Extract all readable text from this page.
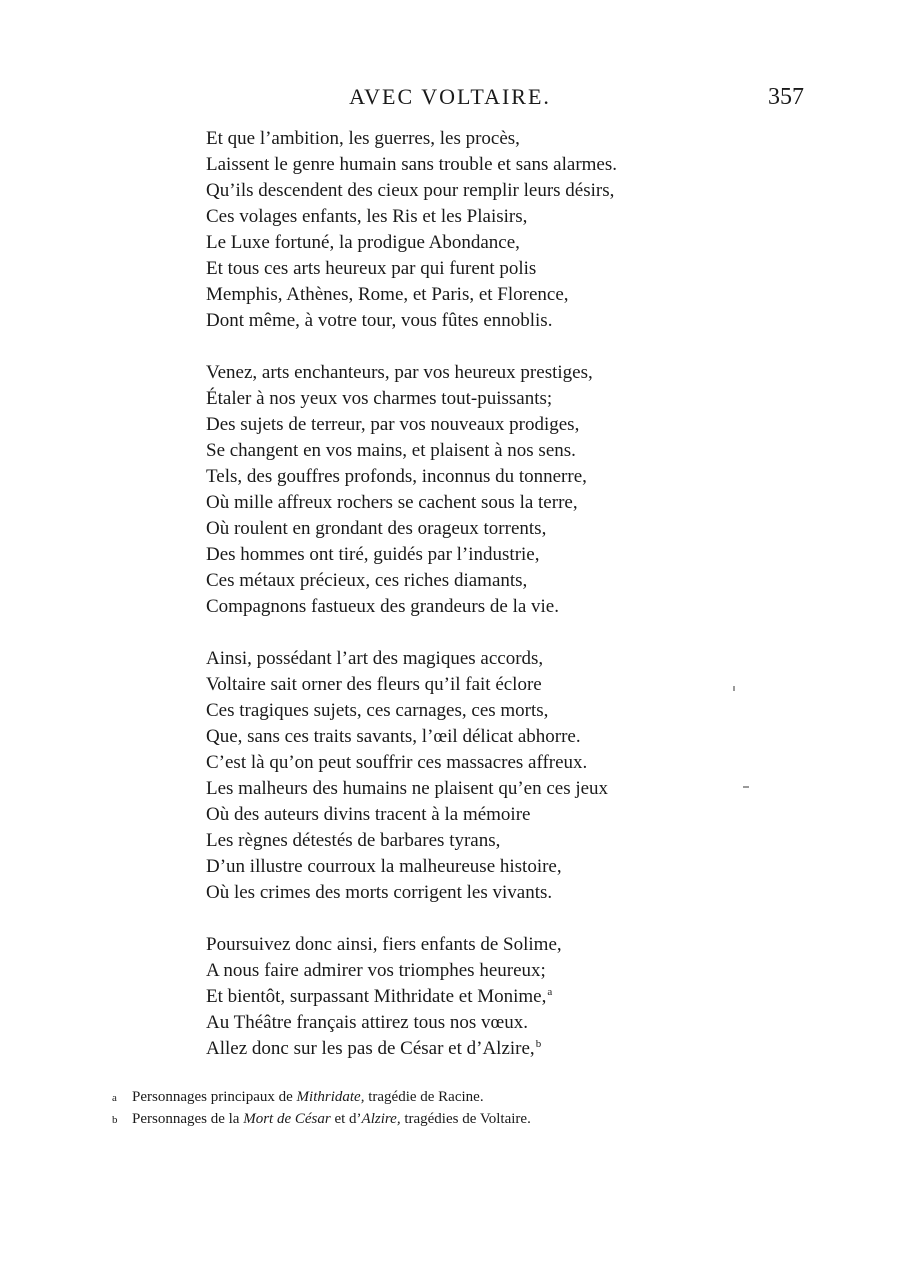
AVEC VOLTAIRE.	357
Et que l’ambition, les guerres, les procès,
Laissent le genre humain sans trouble et sans alarmes.
Qu’ils descendent des cieux pour remplir leurs désirs,
Ces volages enfants, les Ris et les Plaisirs,
Le Luxe fortuné, la prodigue Abondance,
Et tous ces arts heureux par qui furent polis
Memphis, Athènes, Rome, et Paris, et Florence,
Dont même, à votre tour, vous fûtes ennoblis.
Venez, arts enchanteurs, par vos heureux prestiges,
Étaler à nos yeux vos charmes tout-puissants;
Des sujets de terreur, par vos nouveaux prodiges,
Se changent en vos mains, et plaisent à nos sens.
Tels, des gouffres profonds, inconnus du tonnerre,
Où mille affreux rochers se cachent sous la terre,
Où roulent en grondant des orageux torrents,
Des hommes ont tiré, guidés par l’industrie,
Ces métaux précieux, ces riches diamants,
Compagnons fastueux des grandeurs de la vie.
Ainsi, possédant l’art des magiques accords,
Voltaire sait orner des fleurs qu’il fait éclore
Ces tragiques sujets, ces carnages, ces morts,
Que, sans ces traits savants, l’œil délicat abhorre.
C’est là qu’on peut souffrir ces massacres affreux.
Les malheurs des humains ne plaisent qu’en ces jeux
Où des auteurs divins tracent à la mémoire
Les règnes détestés de barbares tyrans,
D’un illustre courroux la malheureuse histoire,
Où les crimes des morts corrigent les vivants.
Poursuivez donc ainsi, fiers enfants de Solime,
A nous faire admirer vos triomphes heureux;
Et bientôt, surpassant Mithridate et Monime,$^a$
Au Théâtre français attirez tous nos vœux.
Allez donc sur les pas de César et d’Alzire,$^b$
a Personnages principaux de Mithridate, tragédie de Racine.
b Personnages de la Mort de César et d’Alzire, tragédies de Voltaire.
